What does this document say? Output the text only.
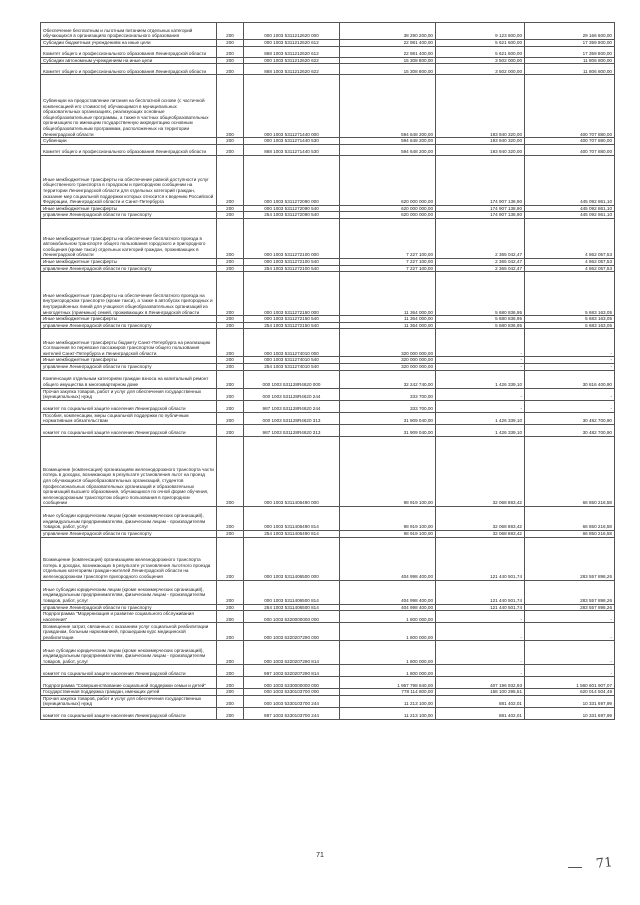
Обеспечение бесплатным и льготным питанием отдельных категорий обучающихся в организациях профессионального образования	200	000 1003 5311212620 000	38 290 200,00	9 123 600,00	29 166 600,00
Субсидии бюджетным учреждениям на иные цели	200	000 1003 5311212620 612	22 981 400,00	5 621 600,00	17 359 800,00
Комитет общего и профессионального образования Ленинградской области	200	868 1003 5311212620 612	22 981 400,00	5 621 600,00	17 359 800,00
Субсидии автономным учреждениям на иные цели	200	000 1003 5311212620 622	15 308 800,00	3 502 000,00	11 806 800,00
Комитет общего и профессионального образования Ленинградской области	200	868 1003 5311212620 622	15 308 800,00	3 502 000,00	11 806 800,00
Субвенции на предоставление питания на бесплатной основе (с частичной компенсацией его стоимости) обучающимся в муниципальных образовательных организациях, реализующих основные общеобразовательные программы, а также в частных общеобразовательных организациях по имеющим государственную аккредитацию основным общеобразовательным программам, расположенных на территории Ленинградской области	200	000 1003 5311271440 000	594 648 200,00	193 940 320,00	400 707 880,00
Субвенции	200	000 1003 5311271440 530	594 648 200,00	193 940 320,00	400 707 880,00
Комитет общего и профессионального образования Ленинградской области	200	868 1003 5311271440 530	594 648 200,00	193 940 320,00	400 707 880,00
Иные межбюджетные трансферты на обеспечение равной доступности услуг общественного транспорта в городском и пригородном сообщении на территории Ленинградской области для отдельных категорий граждан, оказание мер социальной поддержки которых относится к ведению Российской Федерации, Ленинградской области и Санкт-Петербурга	200	000 1003 5311272090 000	620 000 000,00	174 907 138,90	445 092 861,10
Иные межбюджетные трансферты	200	000 1003 5311272090 540	620 000 000,00	174 907 138,90	445 092 861,10
управление Ленинградской области по транспорту	200	254 1003 5311272090 540	620 000 000,00	174 907 138,90	445 092 861,10
Иные межбюджетные трансферты на обеспечение бесплатного проезда в автомобильном транспорте общего пользования городского и пригородного сообщения (кроме такси) отдельных категорий граждан, проживающих в Ленинградской области	200	000 1003 5311272100 000	7 227 100,00	2 365 042,47	4 862 057,53
Иные межбюджетные трансферты	200	000 1003 5311272100 540	7 227 100,00	2 365 042,47	4 862 057,53
управление Ленинградской области по транспорту	200	254 1003 5311272100 540	7 227 100,00	2 365 042,47	4 862 057,53
Иные межбюджетные трансферты на обеспечение бесплатного проезда на внутригородском транспорте (кроме такси), а также в автобусах пригородных и внутрирайонных линий для учащихся общеобразовательных организаций из многодетных (приемных) семей, проживающих в Ленинградской области	200	000 1003 5311272150 000	11 364 000,00	5 680 836,95	5 683 163,05
Иные межбюджетные трансферты	200	000 1003 5311272150 540	11 364 000,00	5 680 836,95	5 683 163,05
управление Ленинградской области по транспорту	200	254 1003 5311272150 540	11 364 000,00	5 680 836,95	5 683 163,05
Иные межбюджетные трансферты бюджету Санкт-Петербурга на реализацию Соглашения по перевозке пассажиров транспортом общего пользования жителей Санкт-Петербурга и Ленинградской области	200	000 1003 5311274010 000	320 000 000,00	-	-
Иные межбюджетные трансферты	200	000 1003 5311274010 540	320 000 000,00	-	-
управление Ленинградской области по транспорту	200	254 1003 5311274010 540	320 000 000,00	-	-
Компенсация отдельным категориям граждан взноса на капитальный ремонт общего имущества в многоквартирном доме	200	000 1003 531128R4620 000	32 242 740,00	1 426 339,10	30 816 400,90
Прочая закупка товаров, работ и услуг для обеспечения государственных (муниципальных) нужд	200	000 1003 531128R4620 244	333 700,00	-	-
комитет по социальной защите населения Ленинградской области	200	987 1003 531128R4620 244	333 700,00	-	-
Пособия, компенсации, меры социальной поддержки по публичным нормативным обязательствам	200	000 1003 531128R4620 313	31 909 040,00	1 426 339,10	30 482 700,90
комитет по социальной защите населения Ленинградской области	200	987 1003 531128R4620 313	31 909 040,00	1 426 339,10	30 482 700,90
Возмещение (компенсация) организациям железнодорожного транспорта части потерь в доходах, возникающих в результате установления льгот на проезд для обучающихся общеобразовательных организаций, студентов профессиональных образовательных организаций и образовательных организаций высшего образования, обучающихся по очной форме обучения, железнодорожным транспортом общего пользования в пригородном сообщении	200	000 1003 5311406490 000	98 919 100,00	32 068 883,42	66 850 216,58
Иные субсидии юридическим лицам (кроме некоммерческих организаций), индивидуальным предпринимателям, физическим лицам - производителям товаров, работ, услуг	200	000 1003 5311406490 814	98 919 100,00	32 068 883,42	66 850 216,58
управление Ленинградской области по транспорту	200	254 1003 5311406490 814	98 919 100,00	32 068 883,42	66 850 216,58
Возмещение (компенсация) организациям железнодорожного транспорта потерь в доходах, возникающих в результате установления льготного проезда отдельным категориям граждан-жителей Ленинградской области на железнодорожном транспорте пригородного сообщения	200	000 1003 5311406500 000	404 998 400,00	121 440 501,74	283 557 898,26
Иные субсидии юридическим лицам (кроме некоммерческих организаций), индивидуальным предпринимателям, физическим лицам - производителям товаров, работ, услуг	200	000 1003 5311406500 814	404 998 400,00	121 440 501,74	283 557 898,26
управление Ленинградской области по транспорту	200	254 1003 5311406500 814	404 998 400,00	121 440 501,74	283 557 898,26
Подпрограмма "Модернизация и развитие социального обслуживания населения"	200	000 1003 5320000000 000	1 800 000,00	-	-
Возмещение затрат, связанных с оказанием услуг социальной реабилитации гражданам, больным наркоманией, прошедшим курс медицинской реабилитации	200	000 1003 5320207290 000	1 800 000,00	-	-
Иные субсидии юридическим лицам (кроме некоммерческих организаций), индивидуальным предпринимателям, физическим лицам - производителям товаров, работ, услуг	200	000 1003 5320207290 814	1 800 000,00	-	-
комитет по социальной защите населения Ленинградской области	200	987 1003 5320207290 814	1 800 000,00	-	-
Подпрограмма "Совершенствование социальной поддержки семьи и детей"	200	000 1003 5330000000 000	1 967 798 840,00	407 196 932,93	1 560 601 907,07
Государственная поддержка граждан, имеющих детей	200	000 1003 5330103700 000	778 114 800,00	158 100 295,51	620 014 504,49
Прочая закупка товаров, работ и услуг для обеспечения государственных (муниципальных) нужд	200	000 1003 5330103700 244	11 213 100,00	881 402,01	10 331 697,99
комитет по социальной защите населения Ленинградской области	200	987 1003 5330103700 244	11 213 100,00	881 402,01	10 331 697,99
71	71
